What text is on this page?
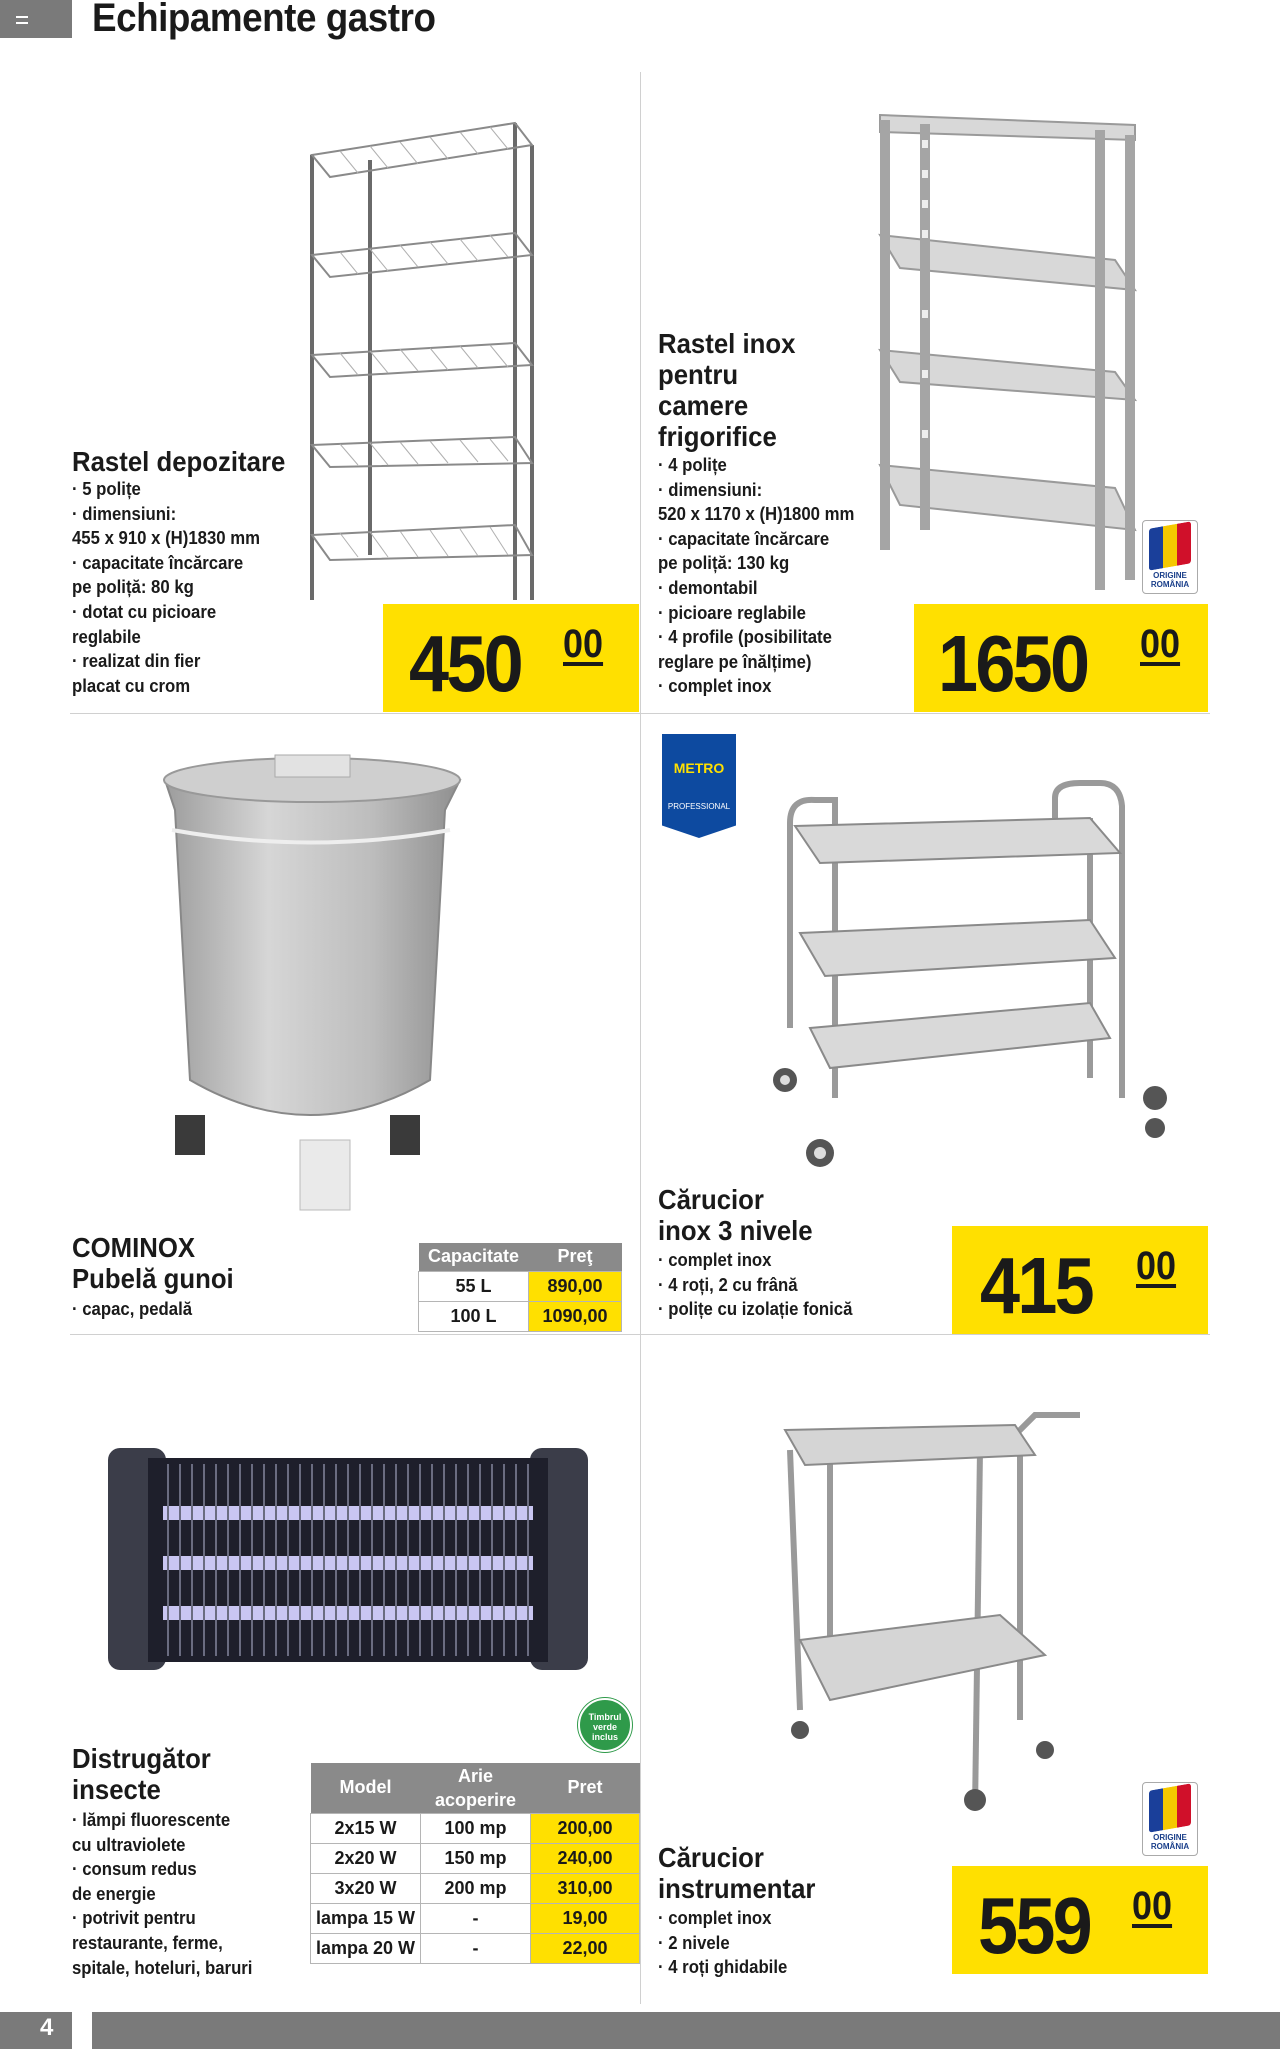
Echipamente gastro
Rastel depozitare
· 5 polițe
· dimensiuni:
455 x 910 x (H)1830 mm
· capacitate încărcare
pe poliță: 80 kg
· dotat cu picioare
reglabile
· realizat din fier
placat cu crom	450 00
Rastel inox
pentru
camere
frigorifice
· 4 polițe
· dimensiuni:
520 x 1170 x (H)1800 mm
· capacitate încărcare
pe poliță: 130 kg
· demontabil
· picioare reglabile
· 4 profile (posibilitate
reglare pe înălțime)
· complet inox
ORIGINE ROMÂNIA
1650 00
COMINOX
Pubelă gunoi
· capac, pedală
Capacitate	Preţ
55 L	890,00
100 L	1090,00
METRO
PROFESSIONAL
Cărucior
inox 3 nivele
· complet inox
· 4 roți, 2 cu frână
· polițe cu izolație fonică 415 00
Timbrul verde inclus
Distrugător
insecte
· lămpi fluorescente
cu ultraviolete
· consum redus
de energie
· potrivit pentru
restaurante, ferme,
spitale, hoteluri, baruri
Model	Arie acoperire	Pret
2x15 W	100 mp	200,00
2x20 W	150 mp	240,00
3x20 W	200 mp	310,00
lampa 15 W	-	19,00
lampa 20 W	-	22,00
ORIGINE ROMÂNIA
Cărucior
instrumentar
· complet inox
· 2 nivele
· 4 roți ghidabile 559 00
4
